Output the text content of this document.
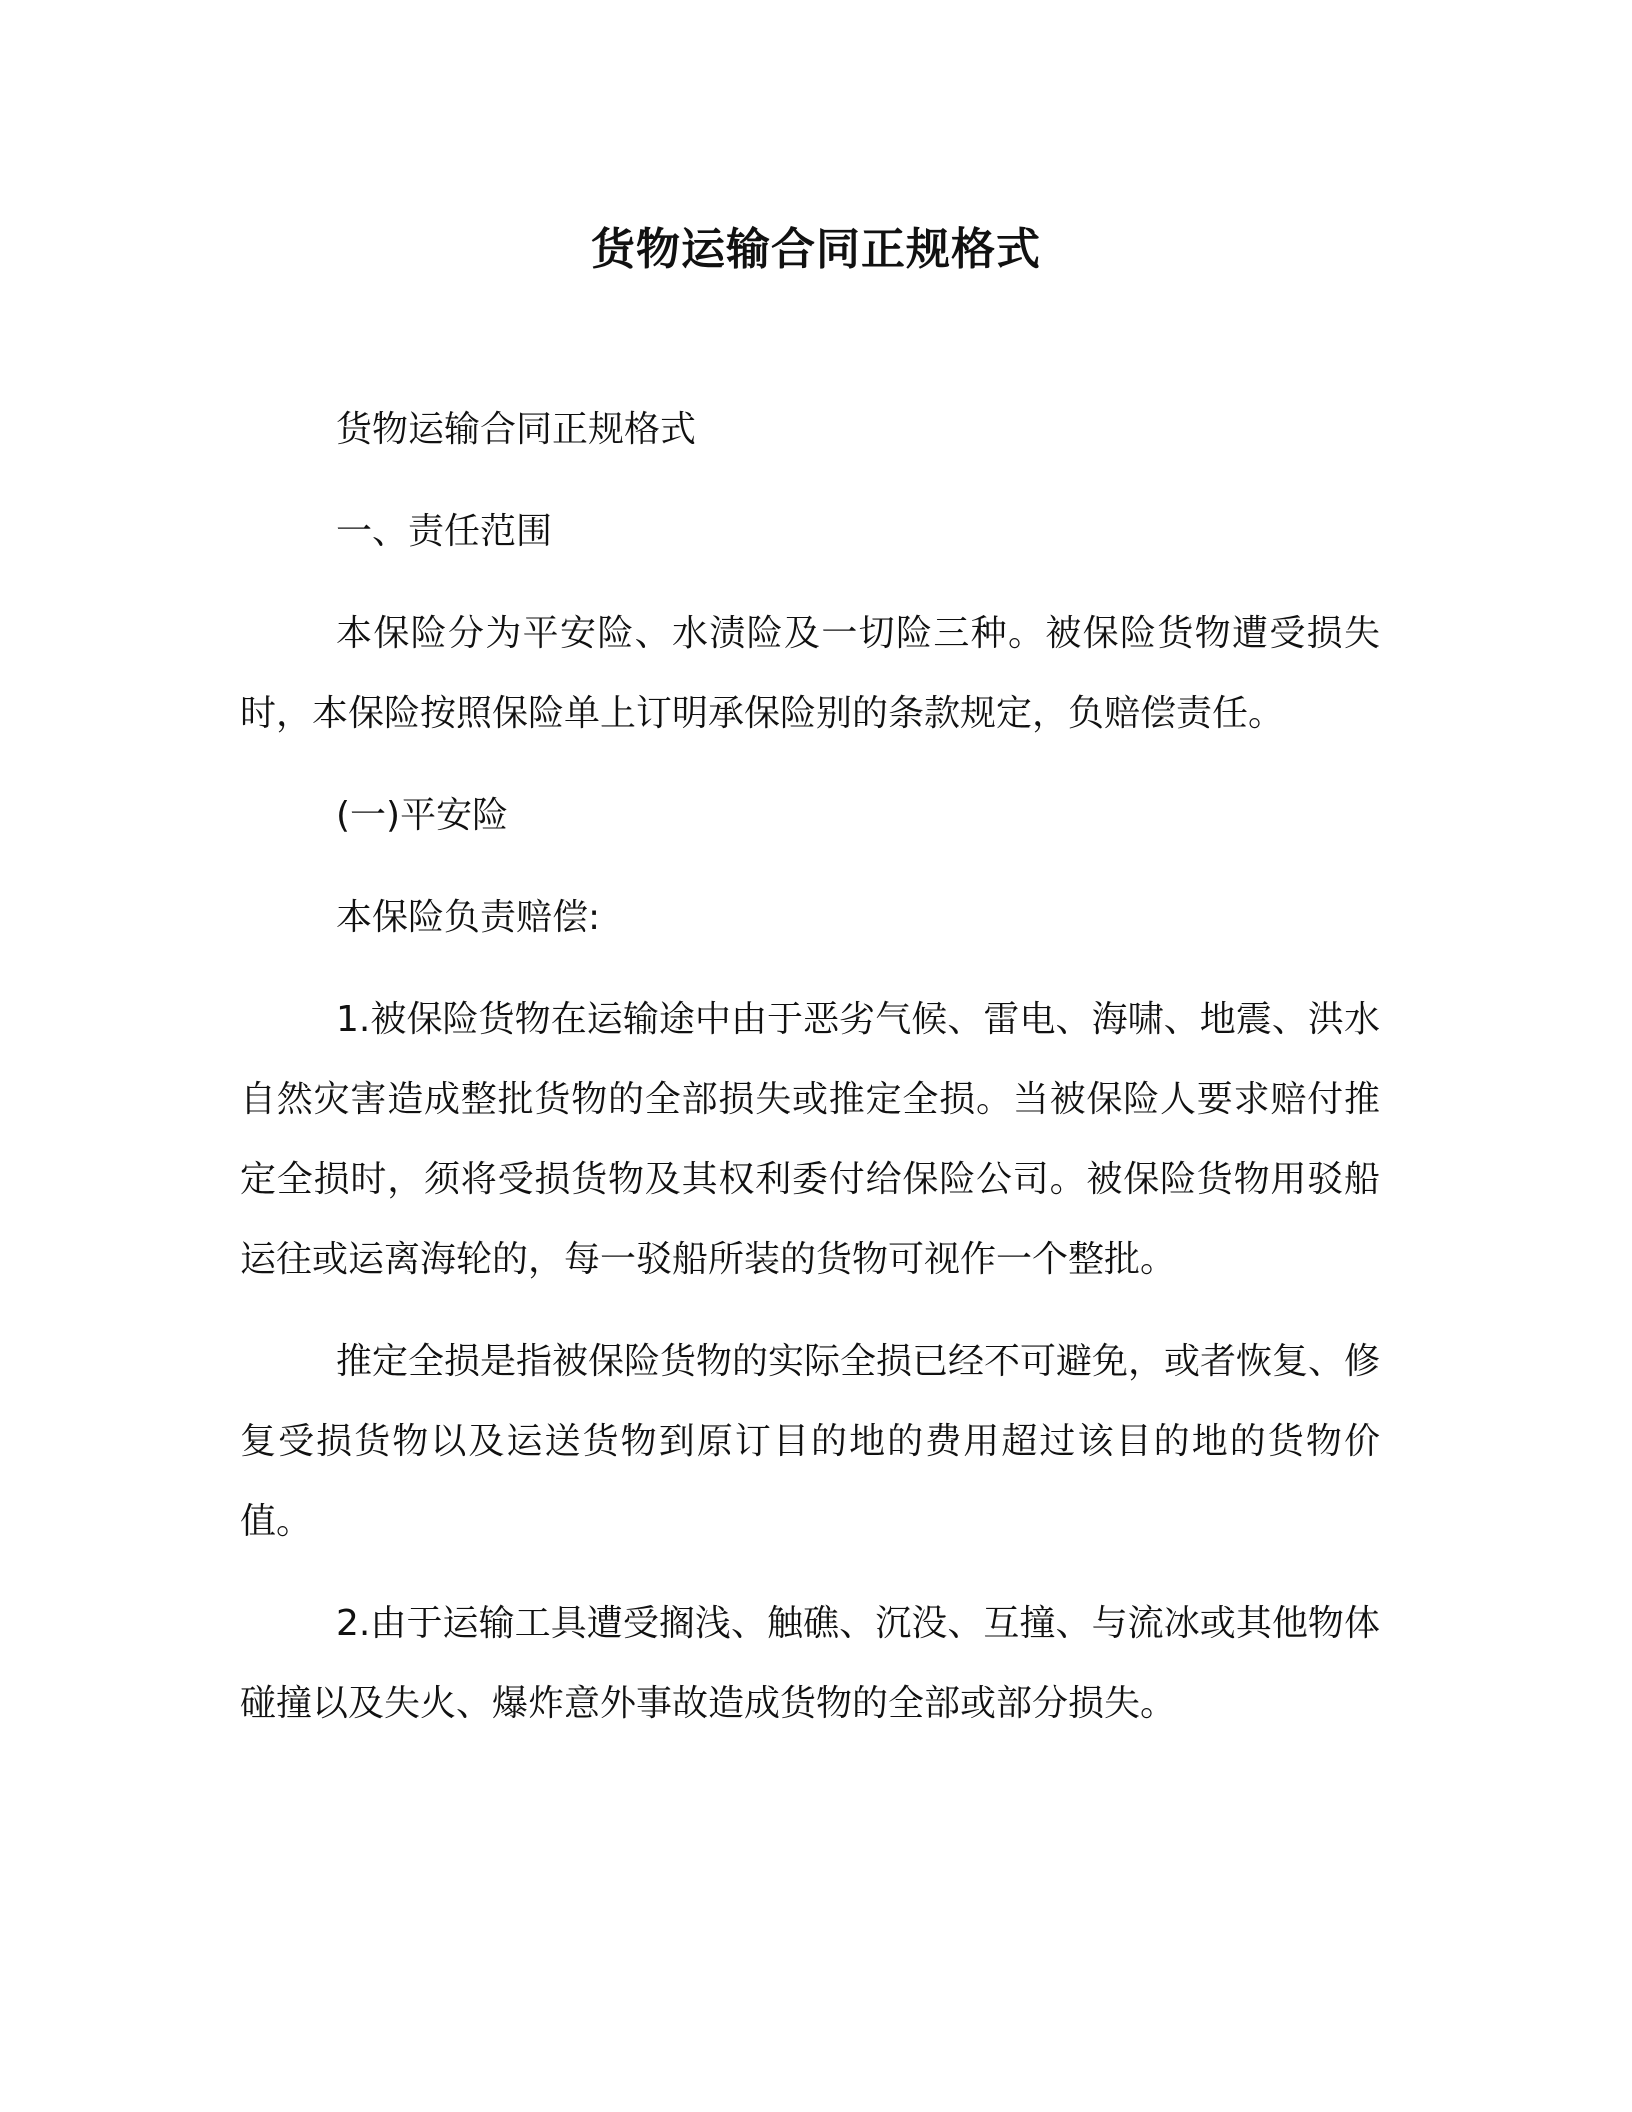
货物运输合同正规格式

货物运输合同正规格式

一、责任范围

本保险分为平安险、水渍险及一切险三种。被保险货物遭受损失时，本保险按照保险单上订明承保险别的条款规定，负赔偿责任。

(一)平安险

本保险负责赔偿:

1.被保险货物在运输途中由于恶劣气候、雷电、海啸、地震、洪水自然灾害造成整批货物的全部损失或推定全损。当被保险人要求赔付推定全损时，须将受损货物及其权利委付给保险公司。被保险货物用驳船运往或运离海轮的，每一驳船所装的货物可视作一个整批。

推定全损是指被保险货物的实际全损已经不可避免，或者恢复、修复受损货物以及运送货物到原订目的地的费用超过该目的地的货物价值。

2.由于运输工具遭受搁浅、触礁、沉没、互撞、与流冰或其他物体碰撞以及失火、爆炸意外事故造成货物的全部或部分损失。
